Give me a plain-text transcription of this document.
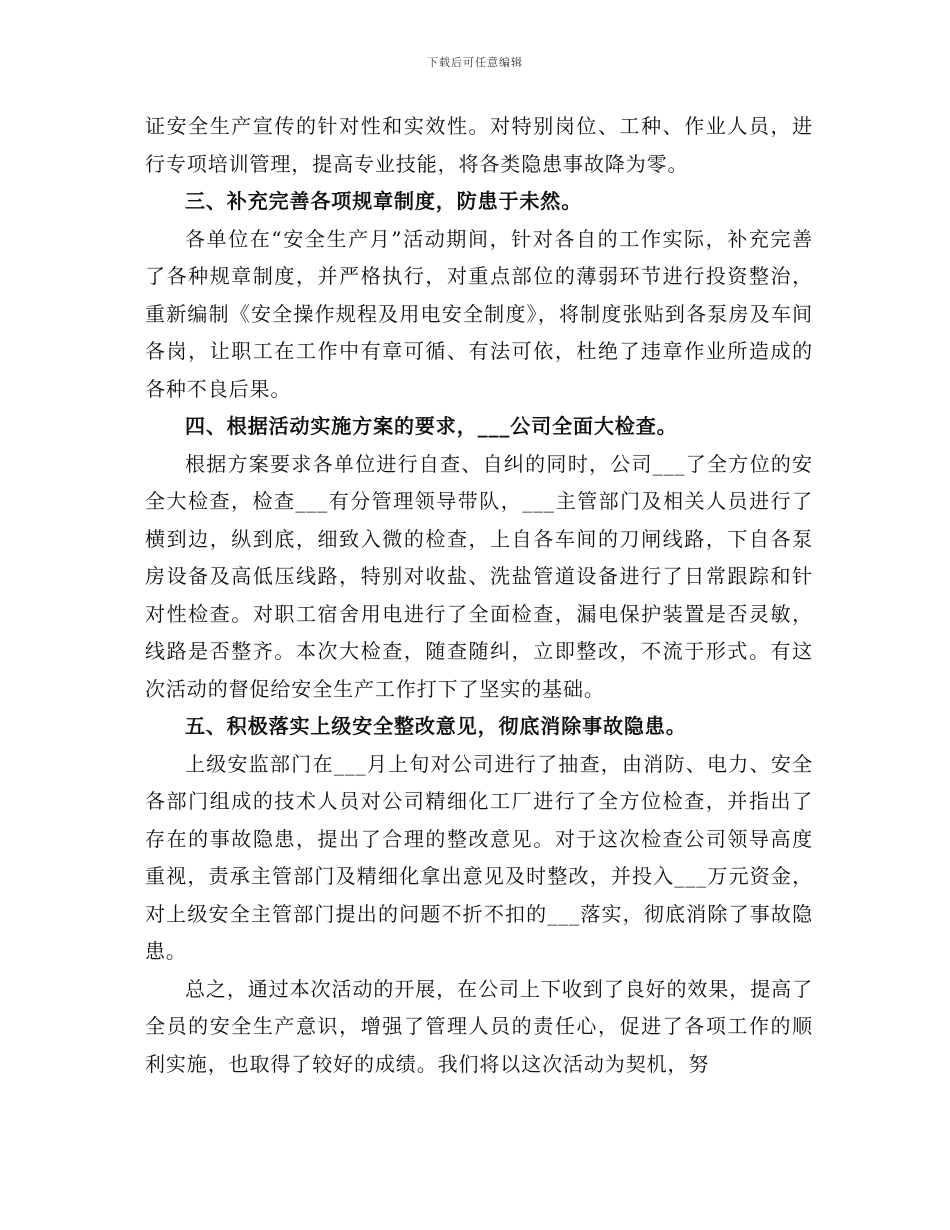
下载后可任意编辑

证安全生产宣传的针对性和实效性。对特别岗位、工种、作业人员，进行专项培训管理，提高专业技能，将各类隐患事故降为零。

三、补充完善各项规章制度，防患于未然。

各单位在“安全生产月”活动期间，针对各自的工作实际，补充完善了各种规章制度，并严格执行，对重点部位的薄弱环节进行投资整治，重新编制《安全操作规程及用电安全制度》，将制度张贴到各泵房及车间各岗，让职工在工作中有章可循、有法可依，杜绝了违章作业所造成的各种不良后果。

四、根据活动实施方案的要求，___公司全面大检查。

根据方案要求各单位进行自查、自纠的同时，公司___了全方位的安全大检查，检查___有分管理领导带队，___主管部门及相关人员进行了横到边，纵到底，细致入微的检查，上自各车间的刀闸线路，下自各泵房设备及高低压线路，特别对收盐、洗盐管道设备进行了日常跟踪和针对性检查。对职工宿舍用电进行了全面检查，漏电保护装置是否灵敏，线路是否整齐。本次大检查，随查随纠，立即整改，不流于形式。有这次活动的督促给安全生产工作打下了坚实的基础。

五、积极落实上级安全整改意见，彻底消除事故隐患。

上级安监部门在___月上旬对公司进行了抽查，由消防、电力、安全各部门组成的技术人员对公司精细化工厂进行了全方位检查，并指出了存在的事故隐患，提出了合理的整改意见。对于这次检查公司领导高度重视，责承主管部门及精细化拿出意见及时整改，并投入___万元资金，对上级安全主管部门提出的问题不折不扣的___落实，彻底消除了事故隐患。

总之，通过本次活动的开展，在公司上下收到了良好的效果，提高了全员的安全生产意识，增强了管理人员的责任心，促进了各项工作的顺利实施，也取得了较好的成绩。我们将以这次活动为契机，努
